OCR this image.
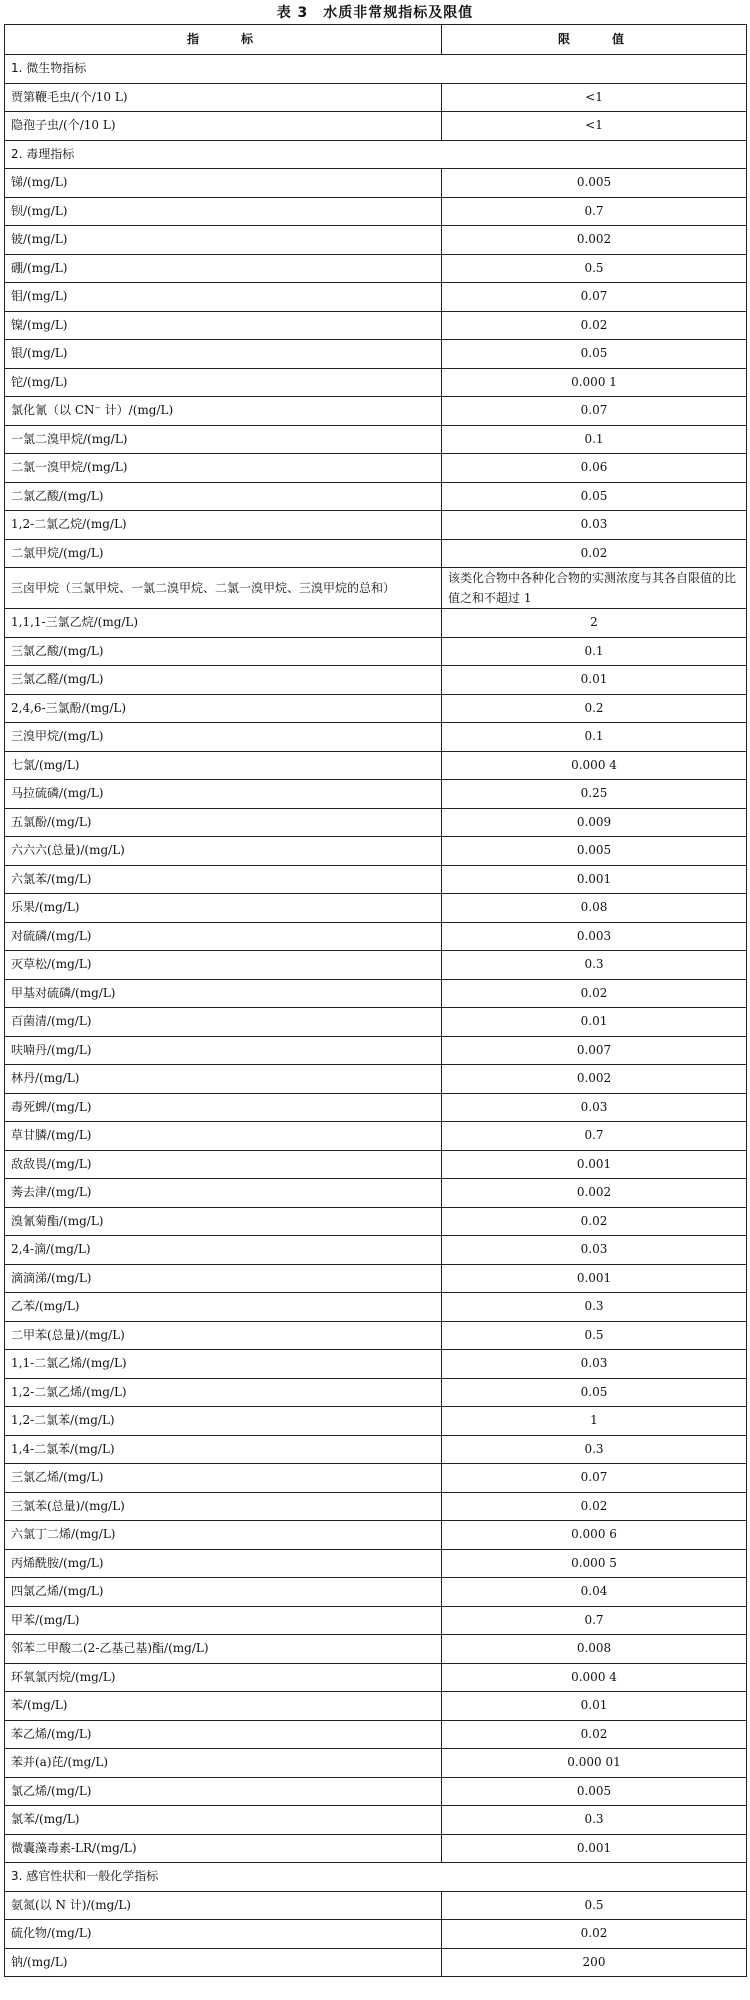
表 3　水质非常规指标及限值
指　　标	限　　值
1. 微生物指标	
贾第鞭毛虫/(个/10 L)	<1
隐孢子虫/(个/10 L)	<1
2. 毒理指标	
锑/(mg/L)	0.005
钡/(mg/L)	0.7
铍/(mg/L)	0.002
硼/(mg/L)	0.5
钼/(mg/L)	0.07
镍/(mg/L)	0.02
银/(mg/L)	0.05
铊/(mg/L)	0.000 1
氯化氰（以 CN⁻ 计）/(mg/L)	0.07
一氯二溴甲烷/(mg/L)	0.1
二氯一溴甲烷/(mg/L)	0.06
二氯乙酸/(mg/L)	0.05
1,2-二氯乙烷/(mg/L)	0.03
二氯甲烷/(mg/L)	0.02
三卤甲烷（三氯甲烷、一氯二溴甲烷、二氯一溴甲烷、三溴甲烷的总和）	该类化合物中各种化合物的实测浓度与其各自限值的比值之和不超过 1
1,1,1-三氯乙烷/(mg/L)	2
三氯乙酸/(mg/L)	0.1
三氯乙醛/(mg/L)	0.01
2,4,6-三氯酚/(mg/L)	0.2
三溴甲烷/(mg/L)	0.1
七氯/(mg/L)	0.000 4
马拉硫磷/(mg/L)	0.25
五氯酚/(mg/L)	0.009
六六六(总量)/(mg/L)	0.005
六氯苯/(mg/L)	0.001
乐果/(mg/L)	0.08
对硫磷/(mg/L)	0.003
灭草松/(mg/L)	0.3
甲基对硫磷/(mg/L)	0.02
百菌清/(mg/L)	0.01
呋喃丹/(mg/L)	0.007
林丹/(mg/L)	0.002
毒死蜱/(mg/L)	0.03
草甘膦/(mg/L)	0.7
敌敌畏/(mg/L)	0.001
莠去津/(mg/L)	0.002
溴氰菊酯/(mg/L)	0.02
2,4-滴/(mg/L)	0.03
滴滴涕/(mg/L)	0.001
乙苯/(mg/L)	0.3
二甲苯(总量)/(mg/L)	0.5
1,1-二氯乙烯/(mg/L)	0.03
1,2-二氯乙烯/(mg/L)	0.05
1,2-二氯苯/(mg/L)	1
1,4-二氯苯/(mg/L)	0.3
三氯乙烯/(mg/L)	0.07
三氯苯(总量)/(mg/L)	0.02
六氯丁二烯/(mg/L)	0.000 6
丙烯酰胺/(mg/L)	0.000 5
四氯乙烯/(mg/L)	0.04
甲苯/(mg/L)	0.7
邻苯二甲酸二(2-乙基己基)酯/(mg/L)	0.008
环氧氯丙烷/(mg/L)	0.000 4
苯/(mg/L)	0.01
苯乙烯/(mg/L)	0.02
苯并(a)芘/(mg/L)	0.000 01
氯乙烯/(mg/L)	0.005
氯苯/(mg/L)	0.3
微囊藻毒素-LR/(mg/L)	0.001
3. 感官性状和一般化学指标	
氨氮(以 N 计)/(mg/L)	0.5
硫化物/(mg/L)	0.02
钠/(mg/L)	200
